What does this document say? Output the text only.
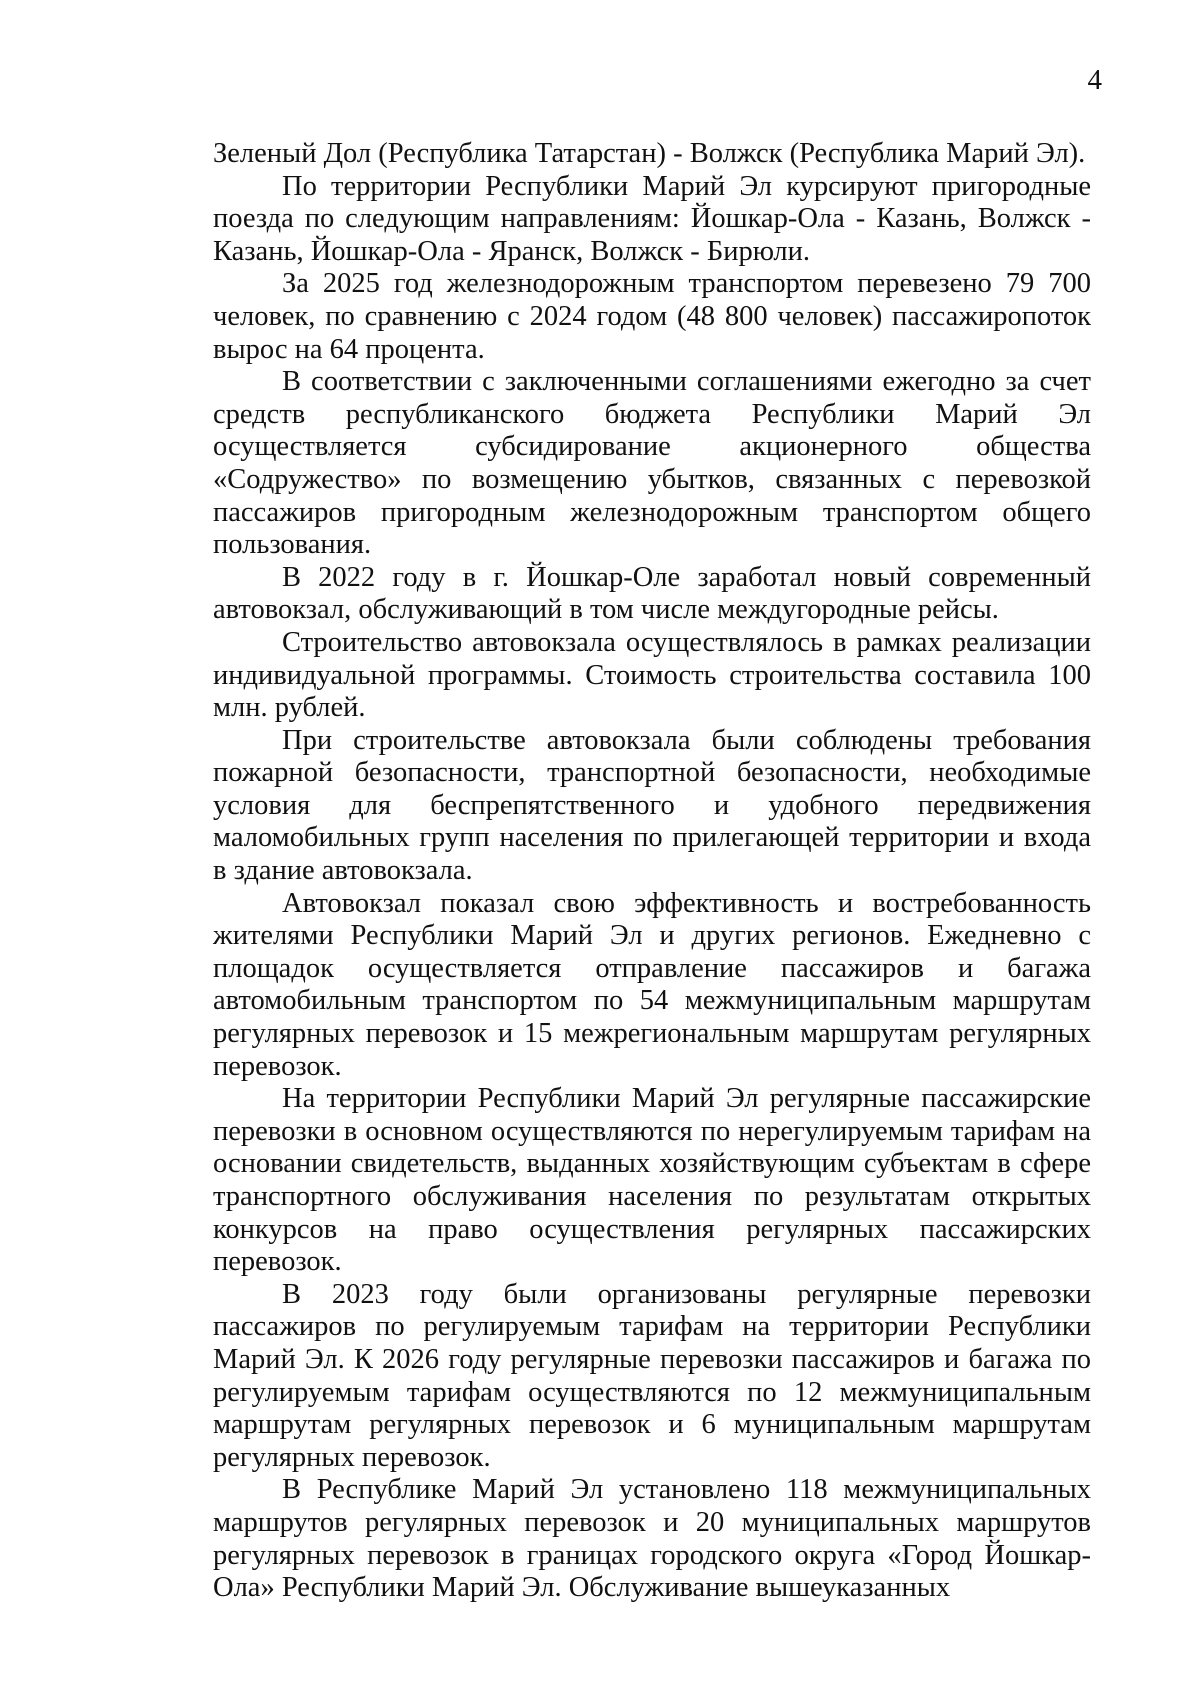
4

Зеленый Дол (Республика Татарстан) - Волжск (Республика Марий Эл).

По территории Республики Марий Эл курсируют пригородные поезда по следующим направлениям: Йошкар-Ола - Казань, Волжск - Казань, Йошкар-Ола - Яранск, Волжск - Бирюли.

За 2025 год железнодорожным транспортом перевезено 79 700 человек, по сравнению с 2024 годом (48 800 человек) пассажиропоток вырос на 64 процента.

В соответствии с заключенными соглашениями ежегодно за счет средств республиканского бюджета Республики Марий Эл осуществляется субсидирование акционерного общества «Содружество» по возмещению убытков, связанных с перевозкой пассажиров пригородным железнодорожным транспортом общего пользования.

В 2022 году в г. Йошкар-Оле заработал новый современный автовокзал, обслуживающий в том числе междугородные рейсы.

Строительство автовокзала осуществлялось в рамках реализации индивидуальной программы. Стоимость строительства составила 100 млн. рублей.

При строительстве автовокзала были соблюдены требования пожарной безопасности, транспортной безопасности, необходимые условия для беспрепятственного и удобного передвижения маломобильных групп населения по прилегающей территории и входа в здание автовокзала.

Автовокзал показал свою эффективность и востребованность жителями Республики Марий Эл и других регионов. Ежедневно с площадок осуществляется отправление пассажиров и багажа автомобильным транспортом по 54 межмуниципальным маршрутам регулярных перевозок и 15 межрегиональным маршрутам регулярных перевозок.

На территории Республики Марий Эл регулярные пассажирские перевозки в основном осуществляются по нерегулируемым тарифам на основании свидетельств, выданных хозяйствующим субъектам в сфере транспортного обслуживания населения по результатам открытых конкурсов на право осуществления регулярных пассажирских перевозок.

В 2023 году были организованы регулярные перевозки пассажиров по регулируемым тарифам на территории Республики Марий Эл. К 2026 году регулярные перевозки пассажиров и багажа по регулируемым тарифам осуществляются по 12 межмуниципальным маршрутам регулярных перевозок и 6 муниципальным маршрутам регулярных перевозок.

В Республике Марий Эл установлено 118 межмуниципальных маршрутов регулярных перевозок и 20 муниципальных маршрутов регулярных перевозок в границах городского округа «Город Йошкар-Ола» Республики Марий Эл. Обслуживание вышеуказанных
